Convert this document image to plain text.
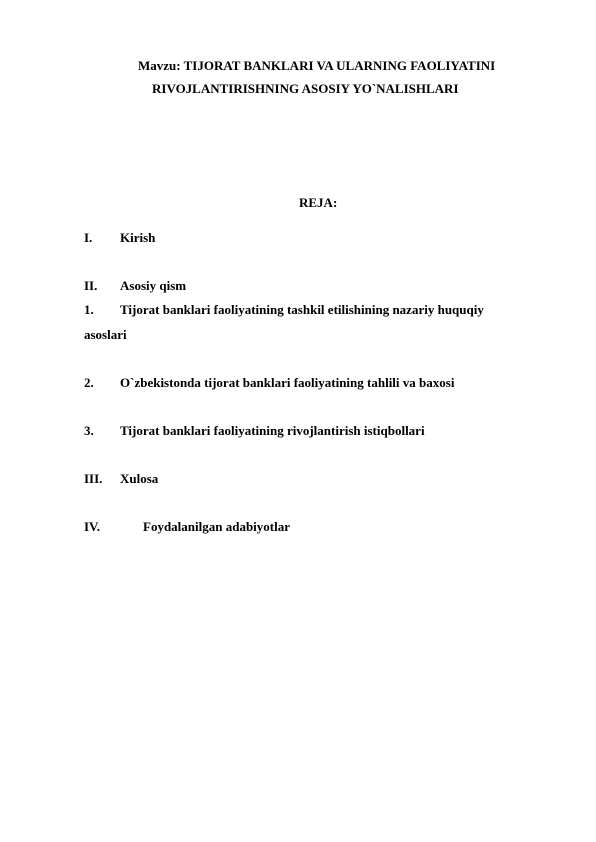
Mavzu: TIJORAT BANKLARI VA ULARNING FAOLIYATINI
RIVOJLANTIRISHNING ASOSIY YO`NALISHLARI
REJA:
I. Kirish
II. Asosiy qism
1. Tijorat banklari faoliyatining tashkil etilishining nazariy huquqiy
asoslari
2. O`zbekistonda tijorat banklari faoliyatining tahlili va baxosi
3. Tijorat banklari faoliyatining rivojlantirish istiqbollari
III. Xulosa
IV.	Foydalanilgan adabiyotlar
